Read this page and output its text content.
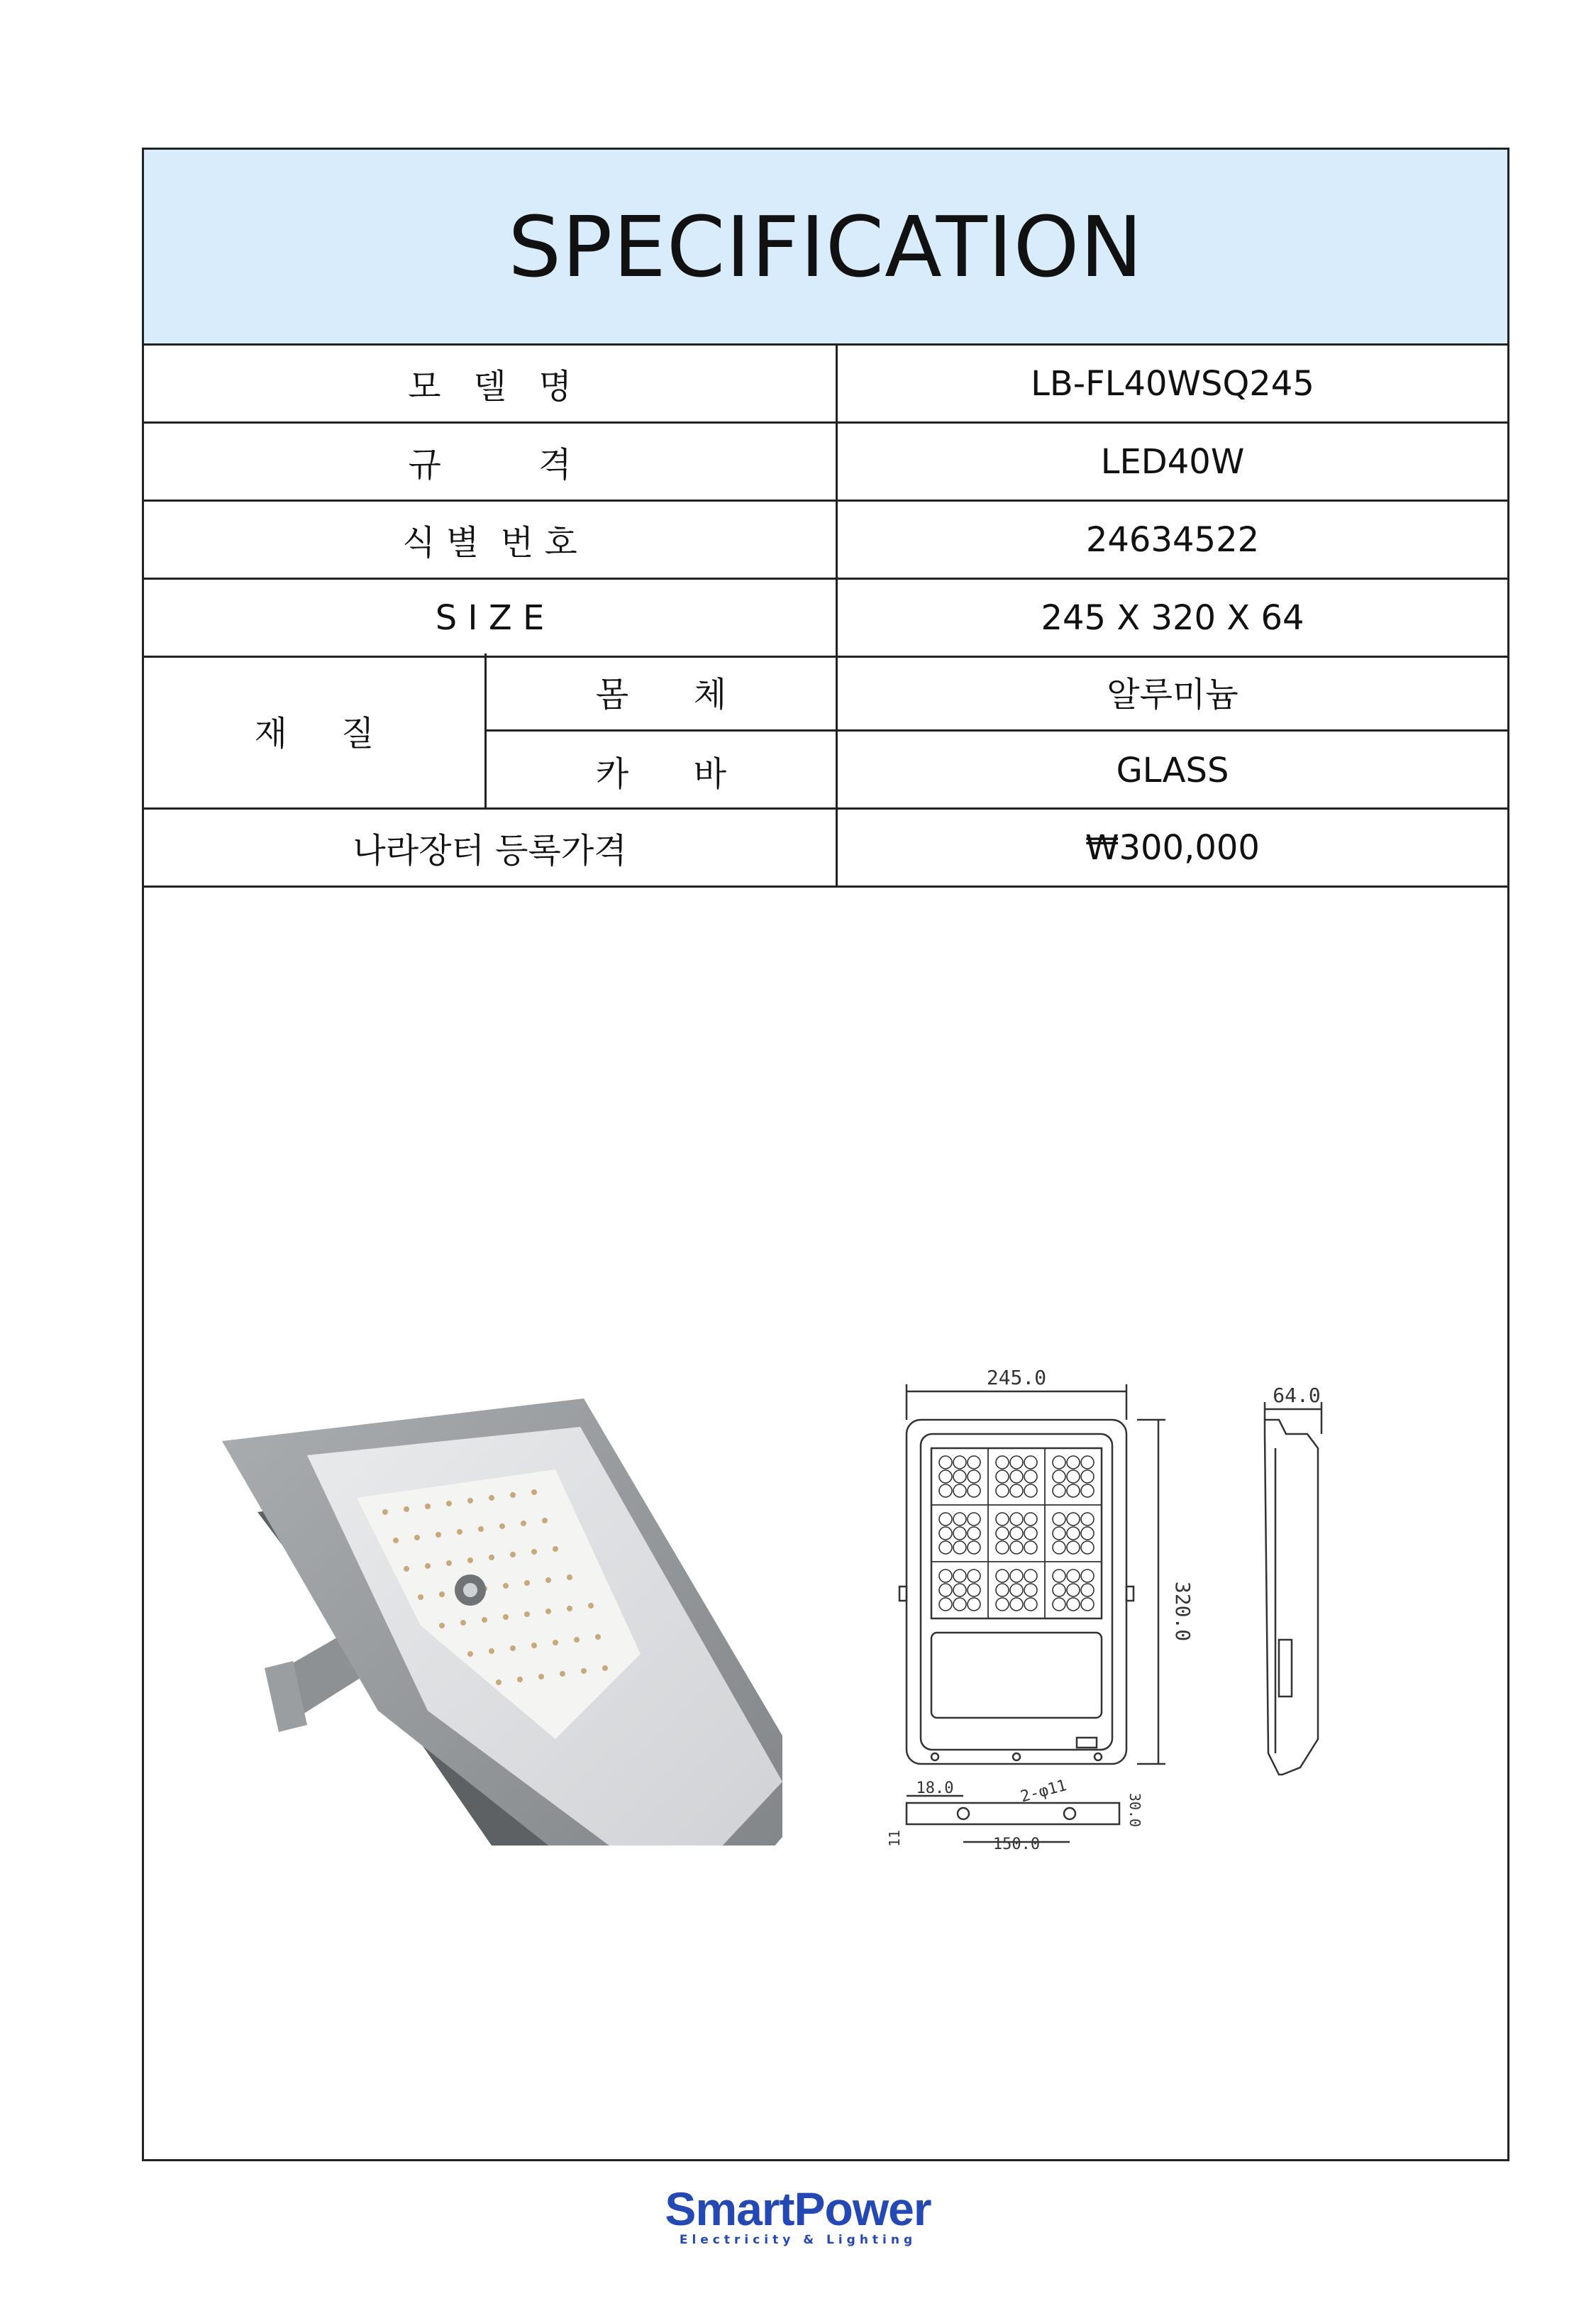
SPECIFICATION
모   델   명	LB-FL40WSQ245
규         격	LED40W
식 별  번 호	24634522
S I Z E	245 X 320 X 64
재     질
몸      체	알루미늄
카      바	GLASS
나라장터 등록가격	₩300,000
245.0
320.0
64.0
18.0	2-φ11
150.0
30.0
11
SmartPower
Electricity & Lighting
